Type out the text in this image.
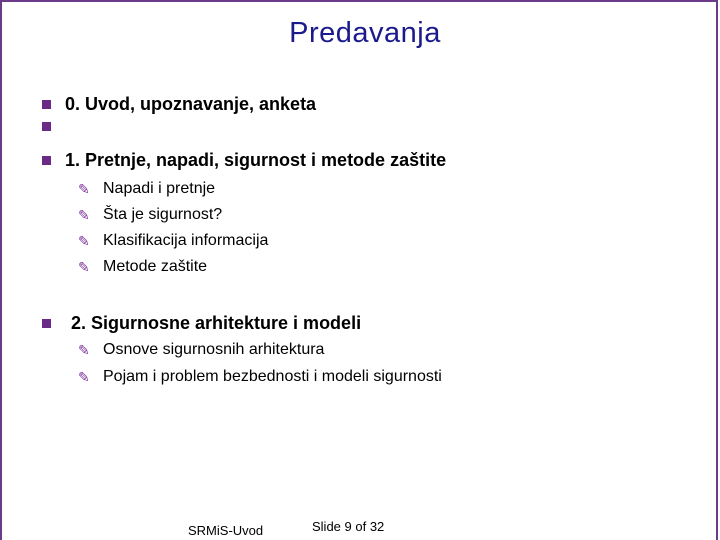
Predavanja
0. Uvod, upoznavanje, anketa
1. Pretnje, napadi, sigurnost i metode zaštite
✎ Napadi i pretnje
✎ Šta je sigurnost?
✎ Klasifikacija informacija
✎ Metode zaštite
2. Sigurnosne arhitekture i modeli
✎ Osnove sigurnosnih arhitektura
✎ Pojam i problem bezbednosti i modeli sigurnosti
SRMiS-Uvod	Slide 9 of 32
